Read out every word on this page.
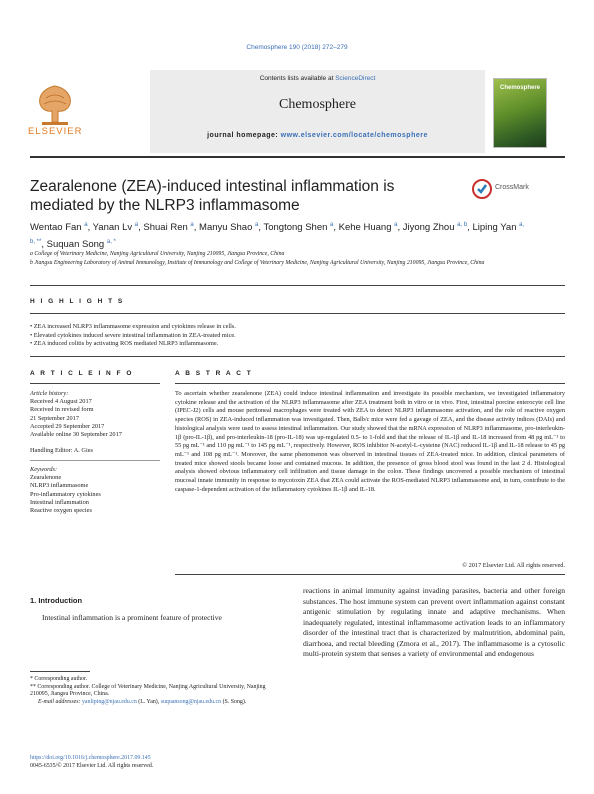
Chemosphere 190 (2018) 272–279
Contents lists available at ScienceDirect
Chemosphere
journal homepage: www.elsevier.com/locate/chemosphere
ELSEVIER
Chemosphere
Zearalenone (ZEA)-induced intestinal inflammation is mediated by the NLRP3 inflammasome
CrossMark
Wentao Fan $^a$, Yanan Lv $^a$, Shuai Ren $^a$, Manyu Shao $^a$, Tongtong Shen $^a$, Kehe Huang $^a$, Jiyong Zhou $^{a, b}$, Liping Yan $^{a, b, **}$, Suquan Song $^{a, *}$
a College of Veterinary Medicine, Nanjing Agricultural University, Nanjing 210095, Jiangsu Province, China
b Jiangsu Engineering Laboratory of Animal Immunology, Institute of Immunology and College of Veterinary Medicine, Nanjing Agricultural University, Nanjing 210095, Jiangsu Province, China
H I G H L I G H T S
• ZEA increased NLRP3 inflammasome expression and cytokines release in cells.
• Elevated cytokines induced severe intestinal inflammation in ZEA-treated mice.
• ZEA induced colitis by activating ROS mediated NLRP3 inflammasome.
A R T I C L E I N F O	A B S T R A C T
Article history:
Received 4 August 2017
Received in revised form
21 September 2017
Accepted 29 September 2017
Available online 30 September 2017
Handling Editor: A. Gies
Keywords:
Zearalenone
NLRP3 inflammasome
Pro-inflammatory cytokines
Intestinal inflammation
Reactive oxygen species
To ascertain whether zearalenone (ZEA) could induce intestinal inflammation and investigate its possible mechanism, we investigated inflammatory cytokine release and the activation of the NLRP3 inflammasome after ZEA treatment both in vitro or in vivo. First, intestinal porcine enterocyte cell line (IPEC-J2) cells and mouse peritoneal macrophages were treated with ZEA to detect NLRP3 inflammasome activation, and the role of reactive oxygen species (ROS) in ZEA-induced inflammation was investigated. Then, Balb/c mice were fed a gavage of ZEA, and the disease activity indices (DAIs) and histological analysis were used to assess intestinal inflammation. Our study showed that the mRNA expression of NLRP3 inflammasome, pro-interleukin-1β (pro-IL-1β), and pro-interleukin-18 (pro-IL-18) was up-regulated 0.5- to 1-fold and that the release of IL-1β and IL-18 increased from 48 pg mL⁻¹ to 55 pg mL⁻¹ and 110 pg mL⁻¹ to 145 pg mL⁻¹, respectively. However, ROS inhibitor N-acetyl-L-cysteine (NAC) reduced IL-1β and IL-18 release to 45 pg mL⁻¹ and 108 pg mL⁻¹. Moreover, the same phenomenon was observed in intestinal tissues of ZEA-treated mice. In addition, clinical parameters of treated mice showed stools became loose and contained mucous. In addition, the presence of gross blood stool was found in the last 2 d. Histological analysis showed obvious inflammatory cell infiltration and tissue damage in the colon. These findings uncovered a possible mechanism of intestinal mucosal innate immunity in response to mycotoxin ZEA that ZEA could activate the ROS-mediated NLRP3 inflammasome and, in turn, contribute to the caspase-1-dependent activation of the inflammatory cytokines IL-1β and IL-18.
© 2017 Elsevier Ltd. All rights reserved.
1. Introduction
Intestinal inflammation is a prominent feature of protective
reactions in animal immunity against invading parasites, bacteria and other foreign substances. The host immune system can prevent overt inflammation against constant antigenic stimulation by regulating innate and adaptive mechanisms. When inadequately regulated, intestinal inflammasome activation leads to an inflammatory disorder of the intestinal tract that is characterized by malnutrition, abdominal pain, diarrhoea, and rectal bleeding (Zmora et al., 2017). The inflammasome is a cytosolic multi-protein system that senses a variety of environmental and endogenous
* Corresponding author.
** Corresponding author. College of Veterinary Medicine, Nanjing Agricultural University, Nanjing 210095, Jiangsu Province, China.
E-mail addresses: yanliping@njau.edu.cn (L. Yan), suquansong@njau.edu.cn (S. Song).
https://doi.org/10.1016/j.chemosphere.2017.09.145
0045-6535/© 2017 Elsevier Ltd. All rights reserved.
